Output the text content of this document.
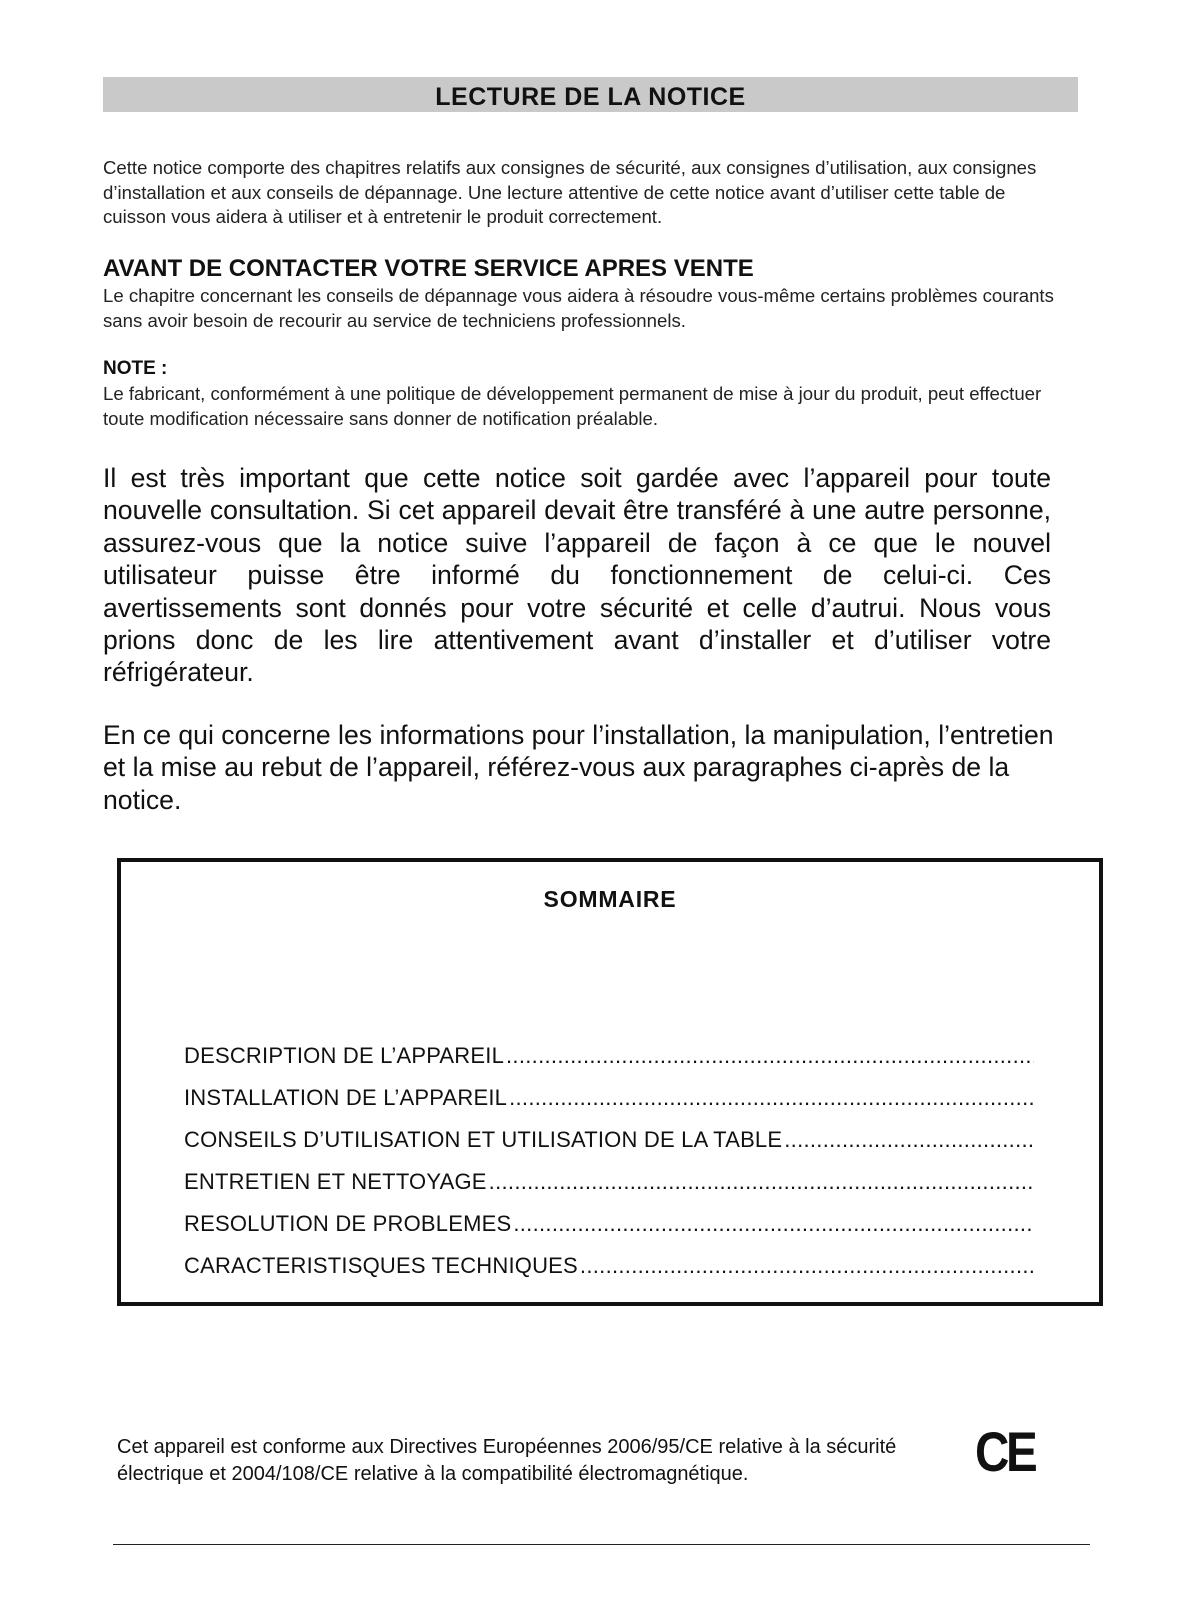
LECTURE DE LA NOTICE

Cette notice comporte des chapitres relatifs aux consignes de sécurité, aux consignes d’utilisation, aux consignes d’installation et aux conseils de dépannage. Une lecture attentive de cette notice avant d’utiliser cette table de cuisson vous aidera à utiliser et à entretenir le produit correctement.

AVANT DE CONTACTER VOTRE SERVICE APRES VENTE

Le chapitre concernant les conseils de dépannage vous aidera à résoudre vous-même certains problèmes courants sans avoir besoin de recourir au service de techniciens professionnels.

NOTE :

Le fabricant, conformément à une politique de développement permanent de mise à jour du produit, peut effectuer toute modification nécessaire sans donner de notification préalable.

Il est très important que cette notice soit gardée avec l’appareil pour toute nouvelle consultation. Si cet appareil devait être transféré à une autre personne, assurez-vous que la notice suive l’appareil de façon à ce que le nouvel utilisateur puisse être informé du fonctionnement de celui-ci. Ces avertissements sont donnés pour votre sécurité et celle d’autrui. Nous vous prions donc de les lire attentivement avant d’installer et d’utiliser votre réfrigérateur.

En ce qui concerne les informations pour l’installation, la manipulation, l’entretien et la mise au rebut de l’appareil, référez-vous aux paragraphes ci-après de la notice.

SOMMAIRE
DESCRIPTION DE L’APPAREIL
.....
INSTALLATION DE L’APPAREIL
.....
CONSEILS D’UTILISATION ET UTILISATION DE LA TABLE
.....
ENTRETIEN ET NETTOYAGE
.....
RESOLUTION DE PROBLEMES
.....
CARACTERISTISQUES TECHNIQUES
.....

Cet appareil est conforme aux Directives Européennes 2006/95/CE relative à la sécurité électrique et 2004/108/CE relative à la compatibilité électromagnétique.	CE
